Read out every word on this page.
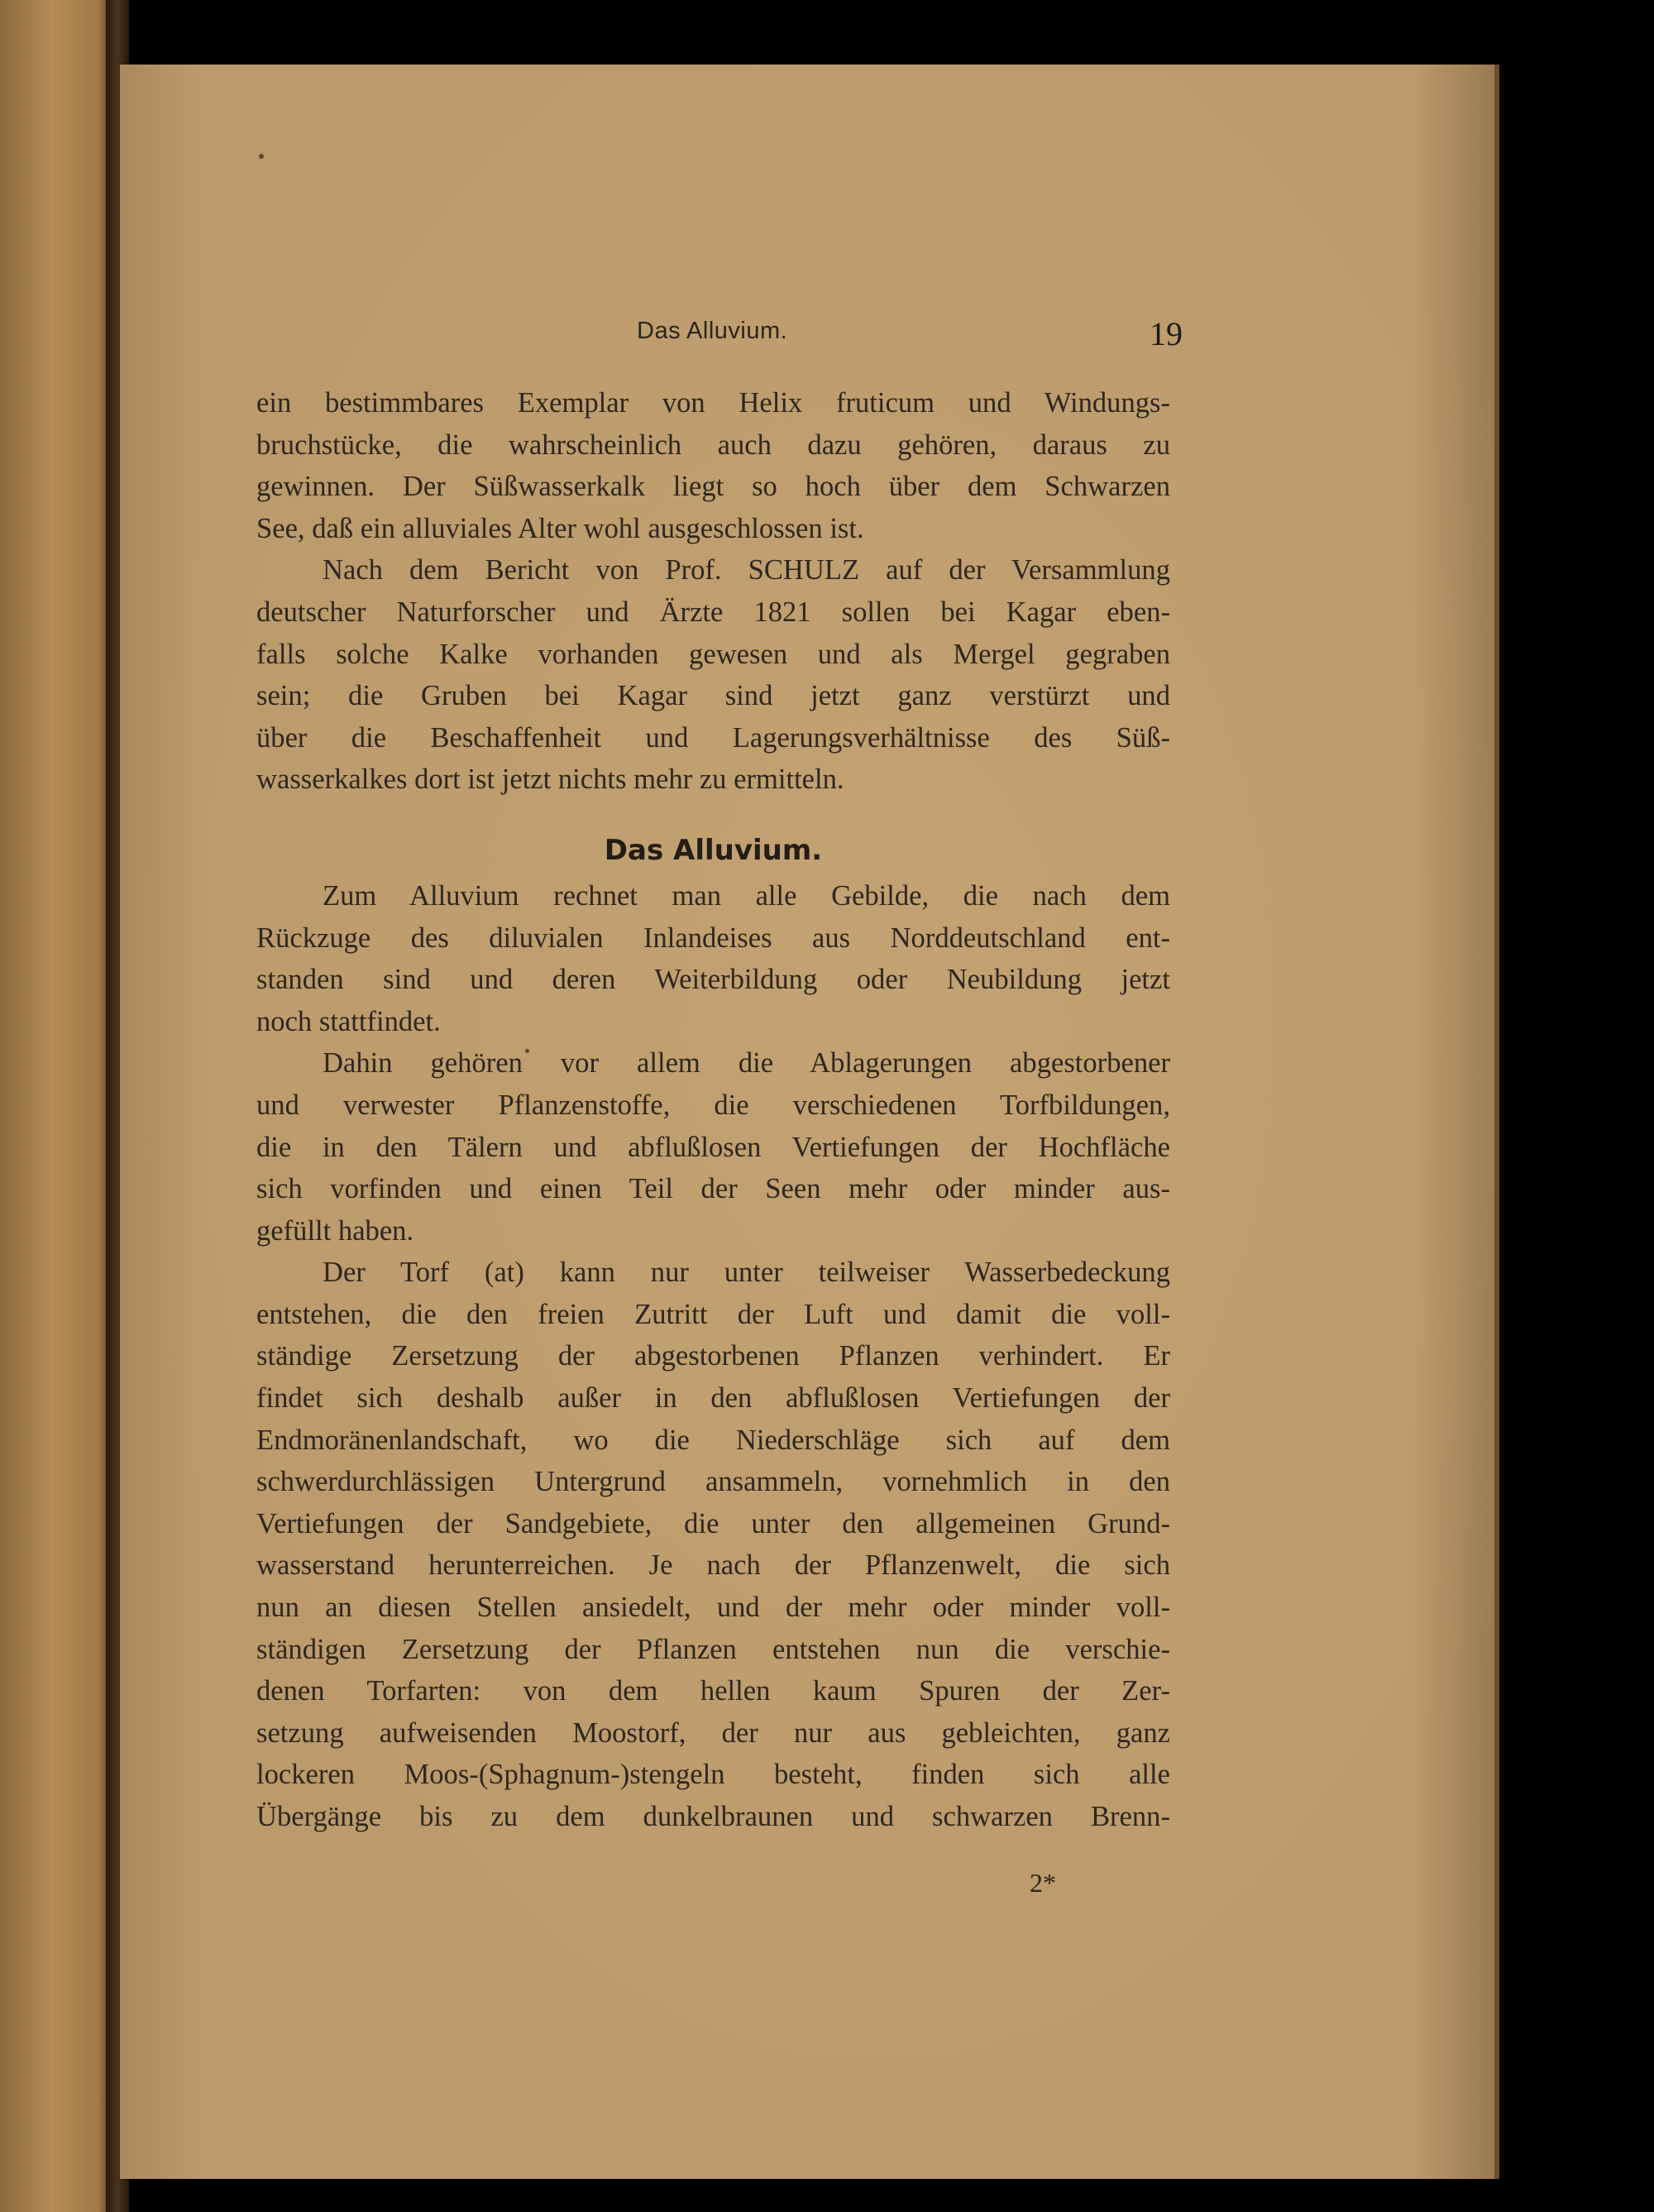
Das Alluvium.	19

ein bestimmbares Exemplar von Helix fruticum und Windungs-

bruchstücke, die wahrscheinlich auch dazu gehören, daraus zu

gewinnen. Der Süßwasserkalk liegt so hoch über dem Schwarzen

See, daß ein alluviales Alter wohl ausgeschlossen ist.

Nach dem Bericht von Prof. SCHULZ auf der Versammlung

deutscher Naturforscher und Ärzte 1821 sollen bei Kagar eben-

falls solche Kalke vorhanden gewesen und als Mergel gegraben

sein; die Gruben bei Kagar sind jetzt ganz verstürzt und

über die Beschaffenheit und Lagerungsverhältnisse des Süß-

wasserkalkes dort ist jetzt nichts mehr zu ermitteln.

Das Alluvium.

Zum Alluvium rechnet man alle Gebilde, die nach dem

Rückzuge des diluvialen Inlandeises aus Norddeutschland ent-

standen sind und deren Weiterbildung oder Neubildung jetzt

noch stattfindet.

Dahin gehören vor allem die Ablagerungen abgestorbener

und verwester Pflanzenstoffe, die verschiedenen Torfbildungen,

die in den Tälern und abflußlosen Vertiefungen der Hochfläche

sich vorfinden und einen Teil der Seen mehr oder minder aus-

gefüllt haben.

Der Torf (at) kann nur unter teilweiser Wasserbedeckung

entstehen, die den freien Zutritt der Luft und damit die voll-

ständige Zersetzung der abgestorbenen Pflanzen verhindert. Er

findet sich deshalb außer in den abflußlosen Vertiefungen der

Endmoränenlandschaft, wo die Niederschläge sich auf dem

schwerdurchlässigen Untergrund ansammeln, vornehmlich in den

Vertiefungen der Sandgebiete, die unter den allgemeinen Grund-

wasserstand herunterreichen. Je nach der Pflanzenwelt, die sich

nun an diesen Stellen ansiedelt, und der mehr oder minder voll-

ständigen Zersetzung der Pflanzen entstehen nun die verschie-

denen Torfarten: von dem hellen kaum Spuren der Zer-

setzung aufweisenden Moostorf, der nur aus gebleichten, ganz

lockeren Moos-(Sphagnum-)stengeln besteht, finden sich alle

Übergänge bis zu dem dunkelbraunen und schwarzen Brenn-

2*
